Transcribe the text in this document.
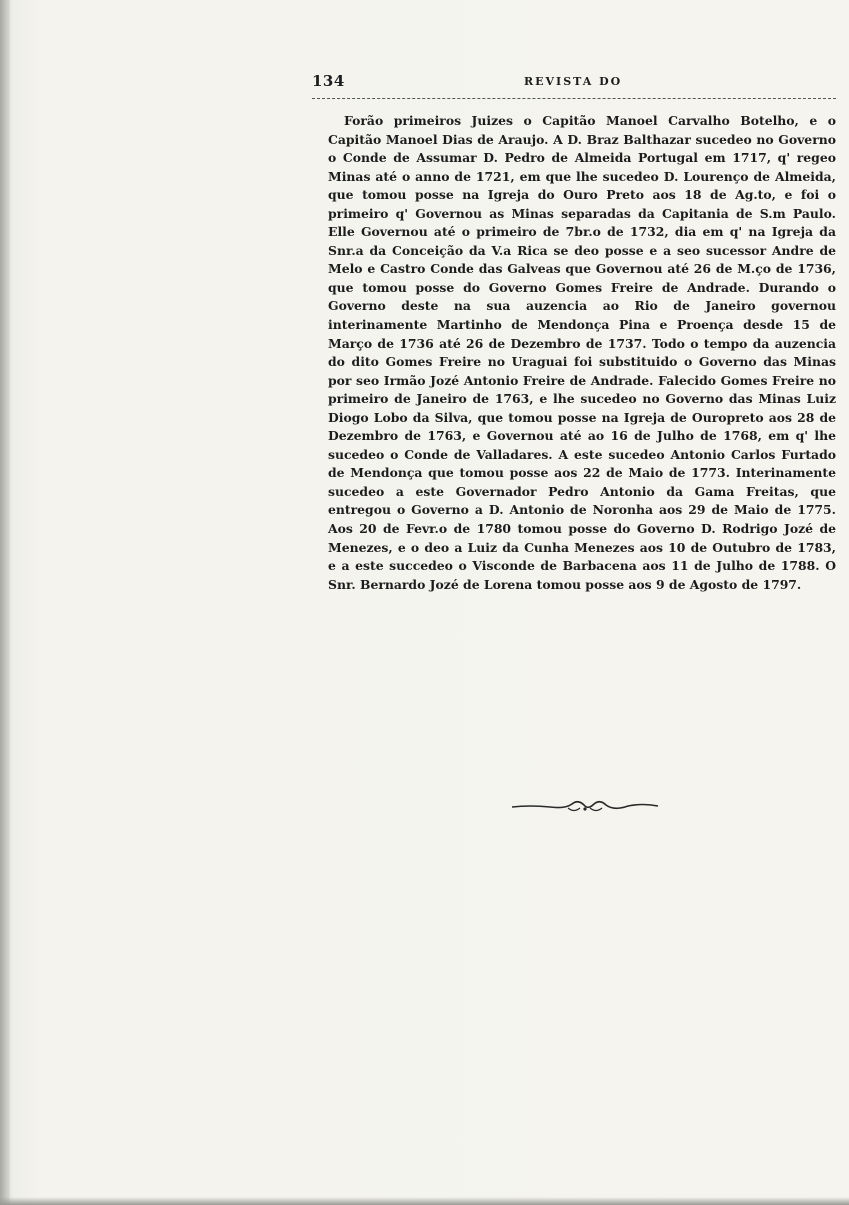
134	REVISTA DO

Forão primeiros Juizes o Capitão Manoel Carvalho Botelho, e o Capitão Manoel Dias de Araujo. A D. Braz Balthazar sucedeo no Governo o Conde de Assumar D. Pedro de Almeida Portugal em 1717, q' regeo Minas até o anno de 1721, em que lhe sucedeo D. Lourenço de Almeida, que tomou posse na Igreja do Ouro Preto aos 18 de Ag.to, e foi o primeiro q' Governou as Minas separadas da Capitania de S.m Paulo. Elle Governou até o primeiro de 7br.o de 1732, dia em q' na Igreja da Snr.a da Conceição da V.a Rica se deo posse e a seo sucessor Andre de Melo e Castro Conde das Galveas que Governou até 26 de M.ço de 1736, que tomou posse do Governo Gomes Freire de Andrade. Durando o Governo deste na sua auzencia ao Rio de Janeiro governou interinamente Martinho de Mendonça Pina e Proença desde 15 de Março de 1736 até 26 de Dezembro de 1737. Todo o tempo da auzencia do dito Gomes Freire no Uraguai foi substituido o Governo das Minas por seo Irmão Jozé Antonio Freire de Andrade. Falecido Gomes Freire no primeiro de Janeiro de 1763, e lhe sucedeo no Governo das Minas Luiz Diogo Lobo da Silva, que tomou posse na Igreja de Ouropreto aos 28 de Dezembro de 1763, e Governou até ao 16 de Julho de 1768, em q' lhe sucedeo o Conde de Valladares. A este sucedeo Antonio Carlos Furtado de Mendonça que tomou posse aos 22 de Maio de 1773. Interinamente sucedeo a este Governador Pedro Antonio da Gama Freitas, que entregou o Governo a D. Antonio de Noronha aos 29 de Maio de 1775. Aos 20 de Fevr.o de 1780 tomou posse do Governo D. Rodrigo Jozé de Menezes, e o deo a Luiz da Cunha Menezes aos 10 de Outubro de 1783, e a este succedeo o Visconde de Barbacena aos 11 de Julho de 1788. O Snr. Bernardo Jozé de Lorena tomou posse aos 9 de Agosto de 1797.
